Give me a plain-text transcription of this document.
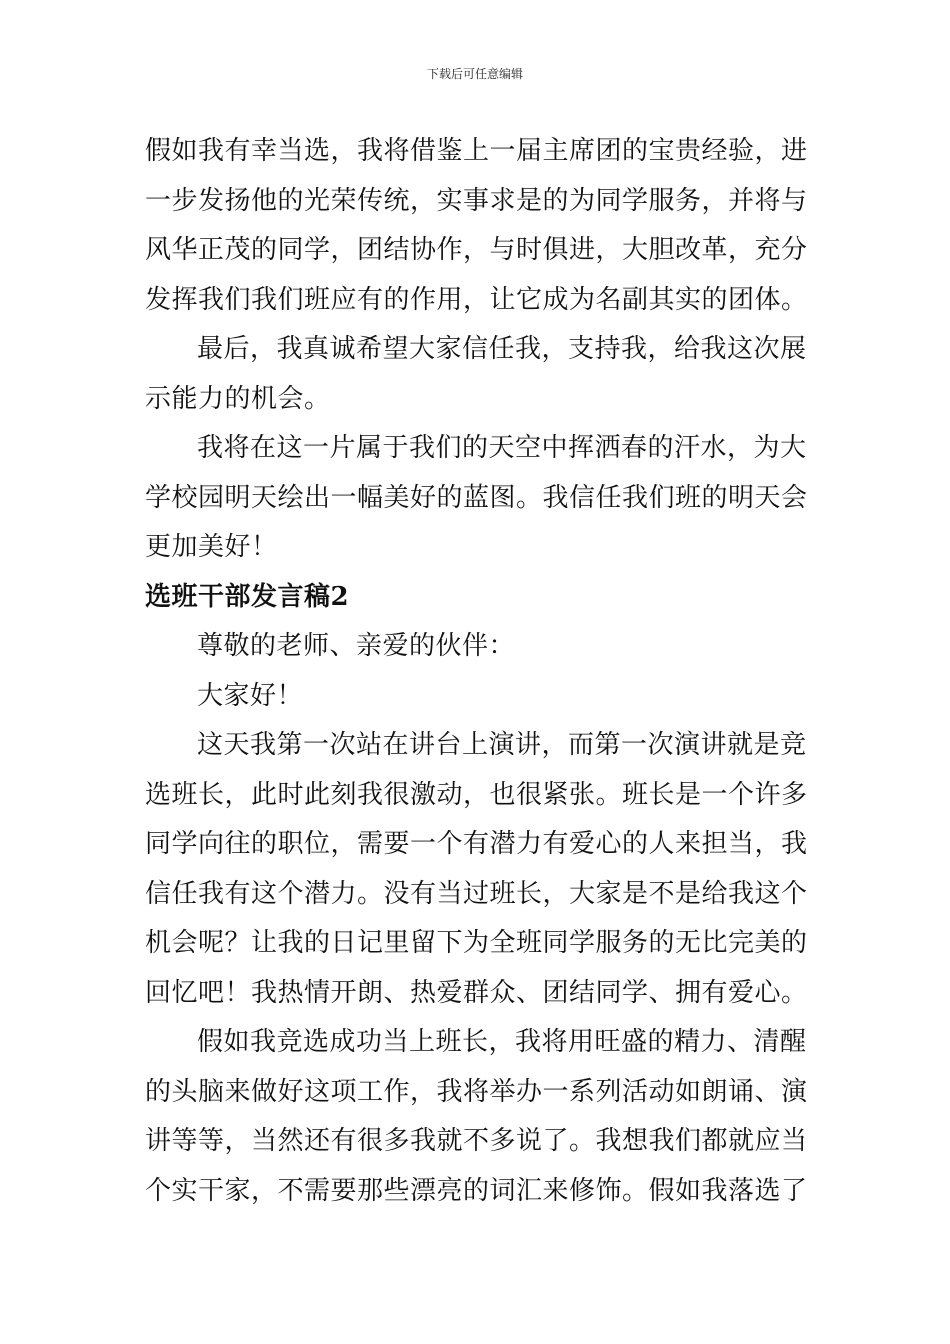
下载后可任意编辑

假如我有幸当选，我将借鉴上一届主席团的宝贵经验，进
一步发扬他的光荣传统，实事求是的为同学服务，并将与
风华正茂的同学，团结协作，与时俱进，大胆改革，充分
发挥我们我们班应有的作用，让它成为名副其实的团体。

最后，我真诚希望大家信任我，支持我，给我这次展
示能力的机会。

我将在这一片属于我们的天空中挥洒春的汗水，为大
学校园明天绘出一幅美好的蓝图。我信任我们班的明天会
更加美好！

选班干部发言稿2

尊敬的老师、亲爱的伙伴：

大家好！

这天我第一次站在讲台上演讲，而第一次演讲就是竞
选班长，此时此刻我很激动，也很紧张。班长是一个许多
同学向往的职位，需要一个有潜力有爱心的人来担当，我
信任我有这个潜力。没有当过班长，大家是不是给我这个
机会呢？让我的日记里留下为全班同学服务的无比完美的
回忆吧！我热情开朗、热爱群众、团结同学、拥有爱心。

假如我竞选成功当上班长，我将用旺盛的精力、清醒
的头脑来做好这项工作，我将举办一系列活动如朗诵、演
讲等等，当然还有很多我就不多说了。我想我们都就应当
个实干家，不需要那些漂亮的词汇来修饰。假如我落选了
